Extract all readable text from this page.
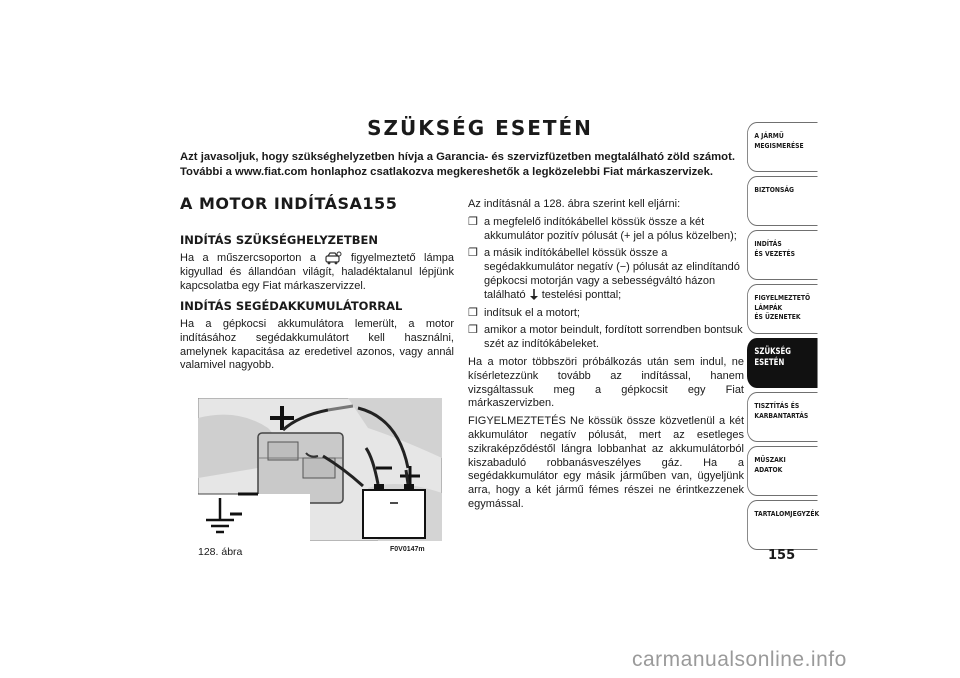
SZÜKSÉG ESETÉN
Azt javasoljuk, hogy szükséghelyzetben hívja a Garancia- és szervizfüzetben megtalálható zöld számot. További a www.fiat.com honlaphoz csatlakozva megkereshetők a legközelebbi Fiat márkaszervizek.
A MOTOR INDÍTÁSA155
INDÍTÁS SZÜKSÉGHELYZETBEN
Ha a műszercsoporton a	figyelmeztető lámpa kigyullad és állandóan világít, haladéktalanul lépjünk kapcsolatba egy Fiat márkaszervizzel.
INDÍTÁS SEGÉDAKKUMULÁTORRAL
Ha a gépkocsi akkumulátora lemerült, a motor indításához segédakkumulátort kell használni, amelynek kapacitása az eredetivel azonos, vagy annál valamivel nagyobb.

Az indításnál a 128. ábra szerint kell eljárni:

❐ a megfelelő indítókábellel kössük össze a két akkumulátor pozitív pólusát (+ jel a pólus közelben);
❐ a másik indítókábellel kössük össze a segédakkumulátor negatív (−) pólusát az elindítandó gépkocsi motorján vagy a sebességváltó házon található testelési ponttal;
❐ indítsuk el a motort;
❐ amikor a motor beindult, fordított sorrendben bontsuk szét az indítókábeleket.

Ha a motor többszöri próbálkozás után sem indul, ne kísérletezzünk tovább az indítással, hanem vizsgáltassuk meg a gépkocsit egy Fiat márkaszervizben.

FIGYELMEZTETÉS Ne kössük össze közvetlenül a két akkumulátor negatív pólusát, mert az esetleges szikraképződéstől lángra lobbanhat az akkumulátorból kiszabaduló robbanásveszélyes gáz. Ha a segédakkumulátor egy másik járműben van, ügyeljünk arra, hogy a két jármű fémes részei ne érintkezzenek egymással.

128. ábra	F0V0147m
A JÁRMŰ
MEGISMERÉSE
BIZTONSÁG
INDÍTÁS
ÉS VEZETÉS
FIGYELMEZTETŐ
LÁMPÁK
ÉS ÜZENETEK
SZÜKSÉG
ESETÉN
TISZTÍTÁS ÉS
KARBANTARTÁS
MŰSZAKI
ADATOK
TARTALOMJEGYZÉK
155
carmanualsonline.info
